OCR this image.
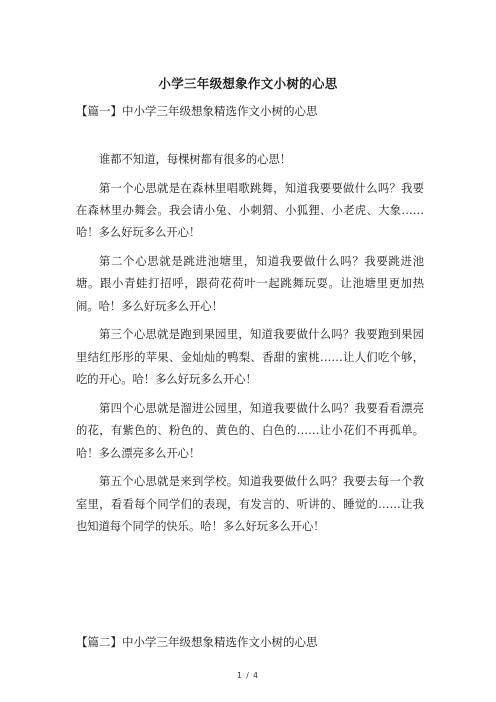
小学三年级想象作文小树的心思
【篇一】中小学三年级想象精选作文小树的心思

谁都不知道，每棵树都有很多的心思！

第一个心思就是在森林里唱歌跳舞，知道我要要做什么吗？我要在森林里办舞会。我会请小兔、小刺猬、小狐狸、小老虎、大象……哈！多么好玩多么开心！

第二个心思就是跳进池塘里，知道我要做什么吗？我要跳进池塘。跟小青蛙打招呼，跟荷花荷叶一起跳舞玩耍。让池塘里更加热闹。哈！多么好玩多么开心！

第三个心思就是跑到果园里，知道我要做什么吗？我要跑到果园里结红彤彤的苹果、金灿灿的鸭梨、香甜的蜜桃……让人们吃个够，吃的开心。哈！多么好玩多么开心！

第四个心思就是溜进公园里，知道我要做什么吗？我要看看漂亮的花，有紫色的、粉色的、黄色的、白色的……让小花们不再孤单。哈！多么漂亮多么开心！

第五个心思就是来到学校。知道我要做什么吗？我要去每一个教室里，看看每个同学们的表现，有发言的、听讲的、睡觉的……让我也知道每个同学的快乐。哈！多么好玩多么开心！

【篇二】中小学三年级想象精选作文小树的心思
1 / 4
